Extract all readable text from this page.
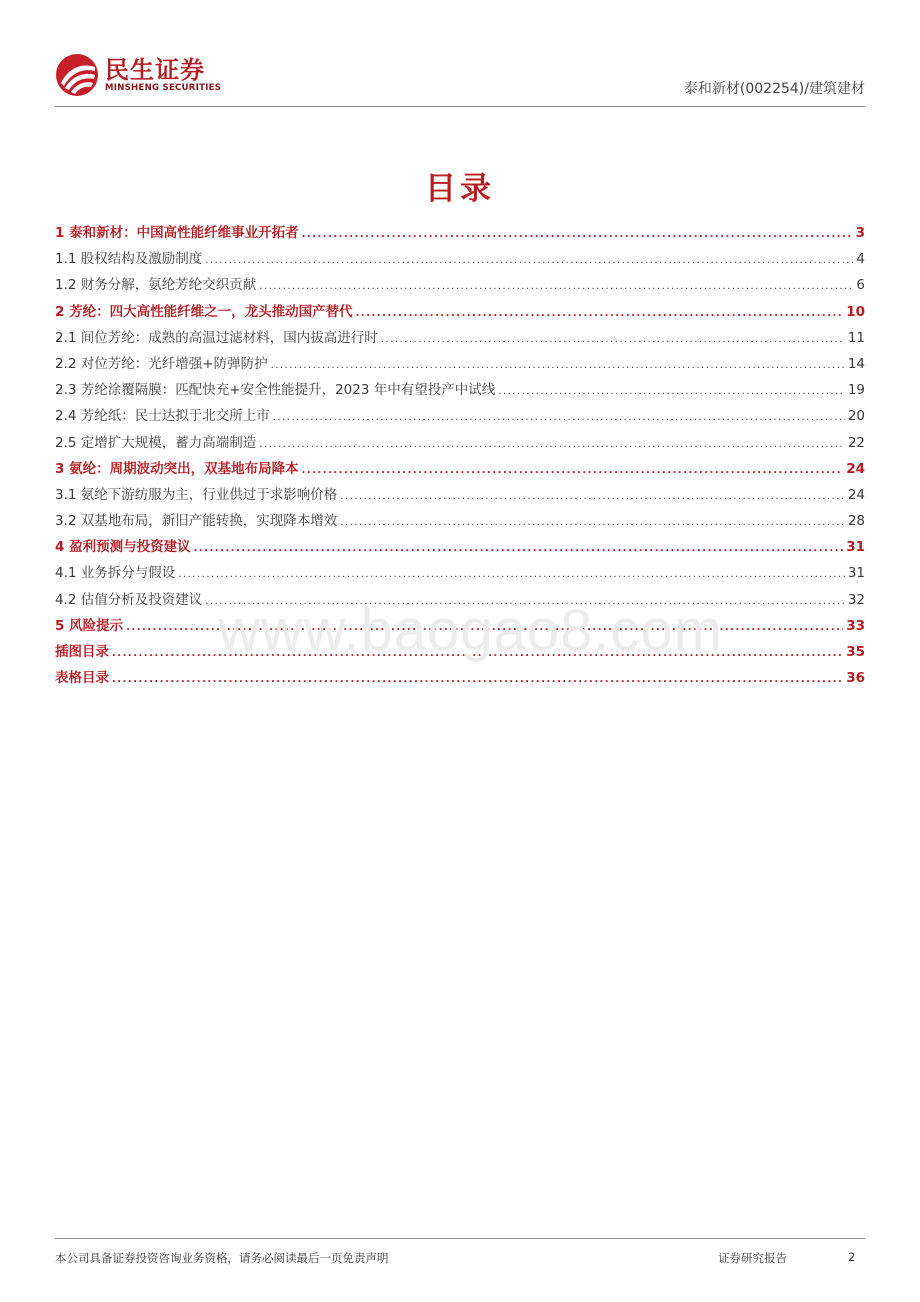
民生证券
MINSHENG SECURITIES	泰和新材(002254)/建筑建材
目录
1 泰和新材：中国高性能纤维事业开拓者 .....	3
1.1 股权结构及激励制度 .....	4
1.2 财务分解，氨纶芳纶交织贡献 .....	6
2 芳纶：四大高性能纤维之一，龙头推动国产替代 .....	10
2.1 间位芳纶：成熟的高温过滤材料，国内拔高进行时 .....	11
2.2 对位芳纶：光纤增强+防弹防护 .....	14
2.3 芳纶涂覆隔膜：匹配快充+安全性能提升，2023 年中有望投产中试线 .....	19
2.4 芳纶纸：民士达拟于北交所上市 .....	20
2.5 定增扩大规模，蓄力高端制造 .....	22
3 氨纶：周期波动突出，双基地布局降本 .....	24
3.1 氨纶下游纺服为主，行业供过于求影响价格 .....	24
3.2 双基地布局，新旧产能转换，实现降本增效 .....	28
4 盈利预测与投资建议 .....	31
4.1 业务拆分与假设 .....	31
4.2 估值分析及投资建议 .....	32
5 风险提示 .....	33
插图目录 .....	35
表格目录 .....	36
www.baogao8.com
本公司具备证券投资咨询业务资格，请务必阅读最后一页免责声明	证券研究报告	2
